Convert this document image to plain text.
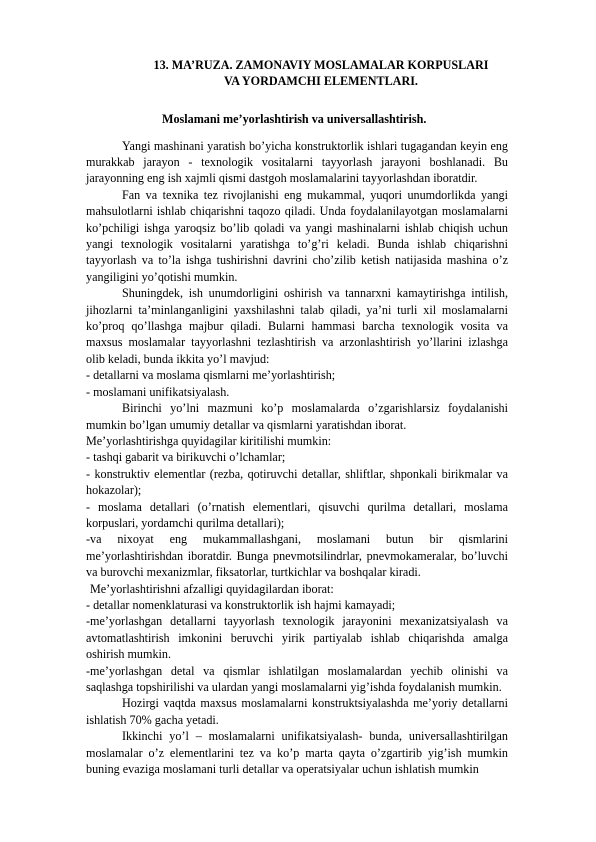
13. MA’RUZA. ZAMONAVIY MOSLAMALAR KORPUSLARI
VA YORDAMCHI ELEMENTLARI.
Moslamani me’yorlashtirish va universallashtirish.

Yangi mashinani yaratish bo’yicha konstruktorlik ishlari tugagandan keyin eng murakkab jarayon - texnologik vositalarni tayyorlash jarayoni boshlanadi. Bu jarayonning eng ish xajmli qismi dastgoh moslamalarini tayyorlashdan iboratdir.

Fan va texnika tez rivojlanishi eng mukammal, yuqori unumdorlikda yangi mahsulotlarni ishlab chiqarishni taqozo qiladi. Unda foydalanilayotgan moslamalarni ko’pchiligi ishga yaroqsiz bo’lib qoladi va yangi mashinalarni ishlab chiqish uchun yangi texnologik vositalarni yaratishga to’g’ri keladi. Bunda ishlab chiqarishni tayyorlash va to’la ishga tushirishni davrini cho’zilib ketish natijasida mashina o’z yangiligini yo’qotishi mumkin.

Shuningdek, ish unumdorligini oshirish va tannarxni kamaytirishga intilish, jihozlarni ta’minlanganligini yaxshilashni talab qiladi, ya’ni turli xil moslamalarni ko’proq qo’llashga majbur qiladi. Bularni hammasi barcha texnologik vosita va maxsus moslamalar tayyorlashni tezlashtirish va arzonlashtirish yo’llarini izlashga olib keladi, bunda ikkita yo’l mavjud:

- detallarni va moslama qismlarni me’yorlashtirish;

- moslamani unifikatsiyalash.

Birinchi yo’lni mazmuni ko’p moslamalarda o’zgarishlarsiz foydalanishi mumkin bo’lgan umumiy detallar va qismlarni yaratishdan iborat.

Me’yorlashtirishga quyidagilar kiritilishi mumkin:

- tashqi gabarit va birikuvchi o’lchamlar;

- konstruktiv elementlar (rezba, qotiruvchi detallar, shliftlar, shponkali birikmalar va hokazolar);

- moslama detallari (o’rnatish elementlari, qisuvchi qurilma detallari, moslama korpuslari, yordamchi qurilma detallari);

-va nixoyat eng mukammallashgani, moslamani butun bir qismlarini me’yorlashtirishdan iboratdir. Bunga pnevmotsilindrlar, pnevmokameralar, bo’luvchi va burovchi mexanizmlar, fiksatorlar, turtkichlar va boshqalar kiradi.

Me’yorlashtirishni afzalligi quyidagilardan iborat:

- detallar nomenklaturasi va konstruktorlik ish hajmi kamayadi;

-me’yorlashgan detallarni tayyorlash texnologik jarayonini mexanizatsiyalash va avtomatlashtirish imkonini beruvchi yirik partiyalab ishlab chiqarishda amalga oshirish mumkin.

-me’yorlashgan detal va qismlar ishlatilgan moslamalardan yechib olinishi va saqlashga topshirilishi va ulardan yangi moslamalarni yig’ishda foydalanish mumkin.

Hozirgi vaqtda maxsus moslamalarni konstruktsiyalashda me’yoriy detallarni ishlatish 70% gacha yetadi.

Ikkinchi yo’l – moslamalarni unifikatsiyalash- bunda, universallashtirilgan moslamalar o’z elementlarini tez va ko’p marta qayta o’zgartirib yig’ish mumkin buning evaziga moslamani turli detallar va operatsiyalar uchun ishlatish mumkin
